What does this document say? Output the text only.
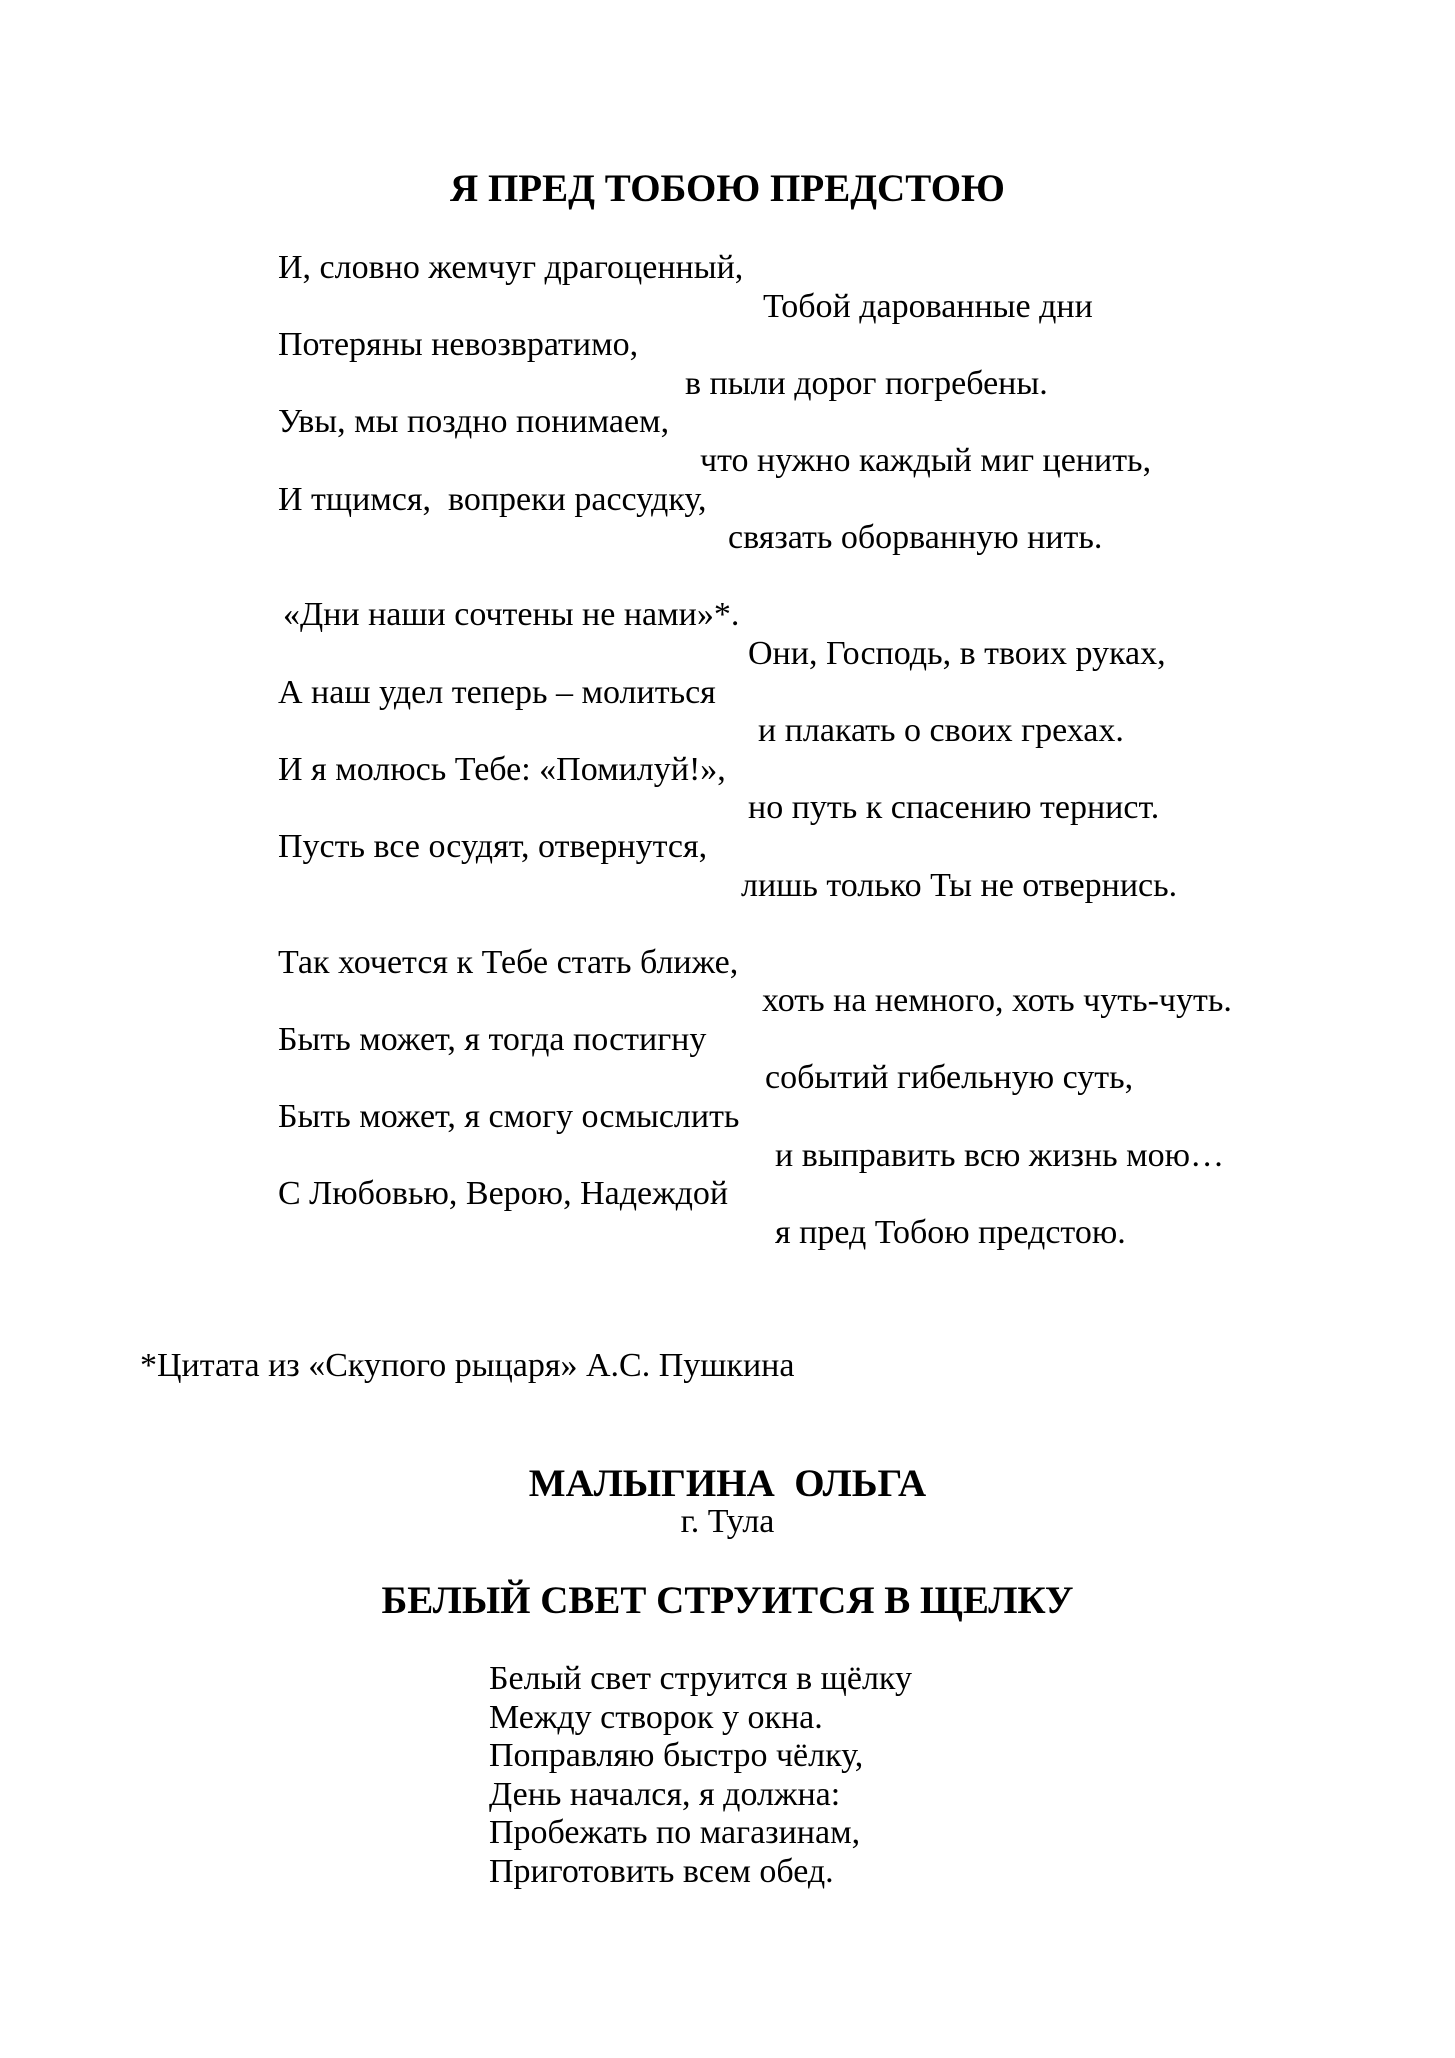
Я ПРЕД ТОБОЮ ПРЕДСТОЮ
И, словно жемчуг драгоценный,
Тобой дарованные дни
Потеряны невозвратимо,
в пыли дорог погребены.
Увы, мы поздно понимаем,
что нужно каждый миг ценить,
И тщимся,  вопреки рассудку,
связать оборванную нить.
«Дни наши сочтены не нами»*.
Они, Господь, в твоих руках,
А наш удел теперь – молиться
и плакать о своих грехах.
И я молюсь Тебе: «Помилуй!»,
но путь к спасению тернист.
Пусть все осудят, отвернутся,
лишь только Ты не отвернись.
Так хочется к Тебе стать ближе,
хоть на немного, хоть чуть-чуть.
Быть может, я тогда постигну
событий гибельную суть,
Быть может, я смогу осмыслить
и выправить всю жизнь мою…
С Любовью, Верою, Надеждой
я пред Тобою предстою.
*Цитата из «Скупого рыцаря» А.С. Пушкина
МАЛЫГИНА  ОЛЬГА
г. Тула
БЕЛЫЙ СВЕТ СТРУИТСЯ В ЩЕЛКУ
Белый свет струится в щёлку
Между створок у окна.
Поправляю быстро чёлку,
День начался, я должна:
Пробежать по магазинам,
Приготовить всем обед.
